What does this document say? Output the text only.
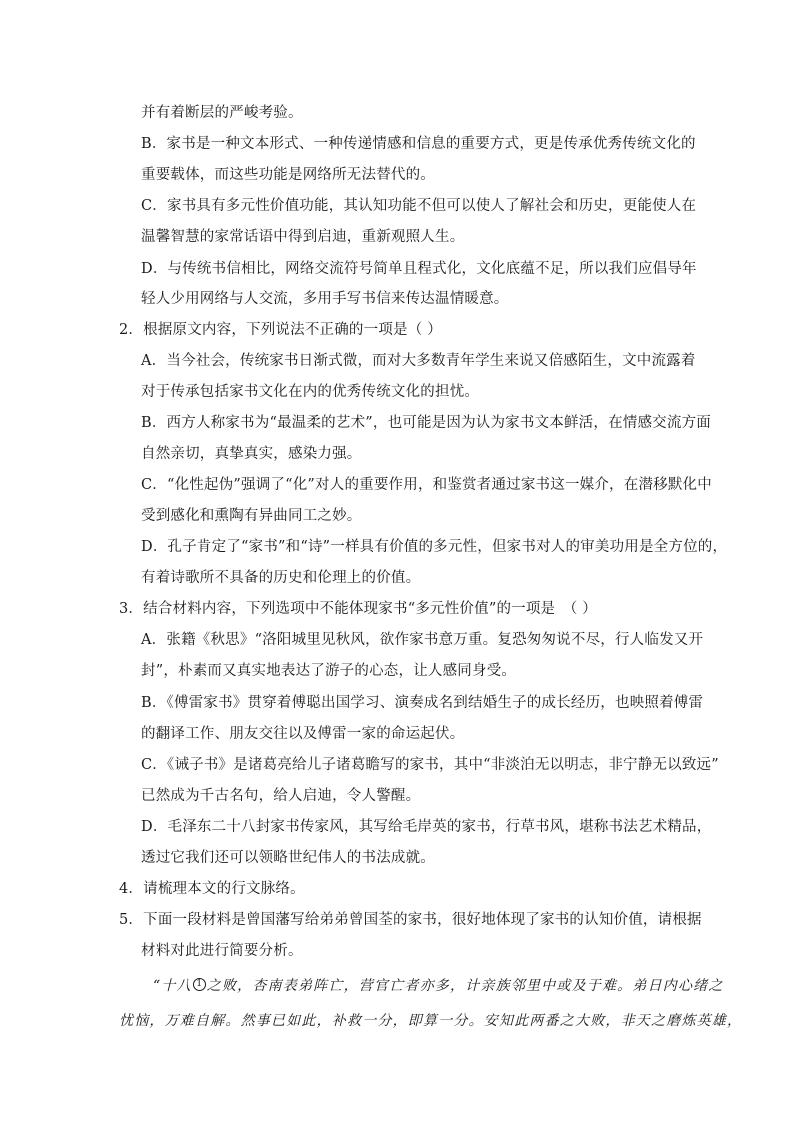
并有着断层的严峻考验。
B．家书是一种文本形式、一种传递情感和信息的重要方式，更是传承优秀传统文化的
重要载体，而这些功能是网络所无法替代的。
C．家书具有多元性价值功能，其认知功能不但可以使人了解社会和历史，更能使人在
温馨智慧的家常话语中得到启迪，重新观照人生。
D．与传统书信相比，网络交流符号简单且程式化，文化底蕴不足，所以我们应倡导年
轻人少用网络与人交流，多用手写书信来传达温情暖意。
2．根据原文内容，下列说法不正确的一项是（ ）
A．当今社会，传统家书日渐式微，而对大多数青年学生来说又倍感陌生，文中流露着
对于传承包括家书文化在内的优秀传统文化的担忧。
B．西方人称家书为“最温柔的艺术”，也可能是因为认为家书文本鲜活，在情感交流方面
自然亲切，真挚真实，感染力强。
C．“化性起伪”强调了“化”对人的重要作用，和鉴赏者通过家书这一媒介，在潜移默化中
受到感化和熏陶有异曲同工之妙。
D．孔子肯定了“家书”和“诗”一样具有价值的多元性，但家书对人的审美功用是全方位的，
有着诗歌所不具备的历史和伦理上的价值。
3．结合材料内容，下列选项中不能体现家书“多元性价值”的一项是　（ ）
A．张籍《秋思》“洛阳城里见秋风，欲作家书意万重。复恐匆匆说不尽，行人临发又开
封”，朴素而又真实地表达了游子的心态，让人感同身受。
B．《傅雷家书》贯穿着傅聪出国学习、演奏成名到结婚生子的成长经历，也映照着傅雷
的翻译工作、朋友交往以及傅雷一家的命运起伏。
C．《诫子书》是诸葛亮给儿子诸葛瞻写的家书，其中“非淡泊无以明志，非宁静无以致远”
已然成为千古名句，给人启迪，令人警醒。
D．毛泽东二十八封家书传家风，其写给毛岸英的家书，行草书风，堪称书法艺术精品，
透过它我们还可以领略世纪伟人的书法成就。
4．请梳理本文的行文脉络。
5．下面一段材料是曾国藩写给弟弟曾国荃的家书，很好地体现了家书的认知价值，请根据
材料对此进行简要分析。
“十八 1 之败，杏南表弟阵亡，营官亡者亦多，计亲族邻里中或及于难。弟日内心绪之
忧恼，万难自解。然事已如此，补救一分，即算一分。安知此两番之大败，非天之磨炼英雄，
